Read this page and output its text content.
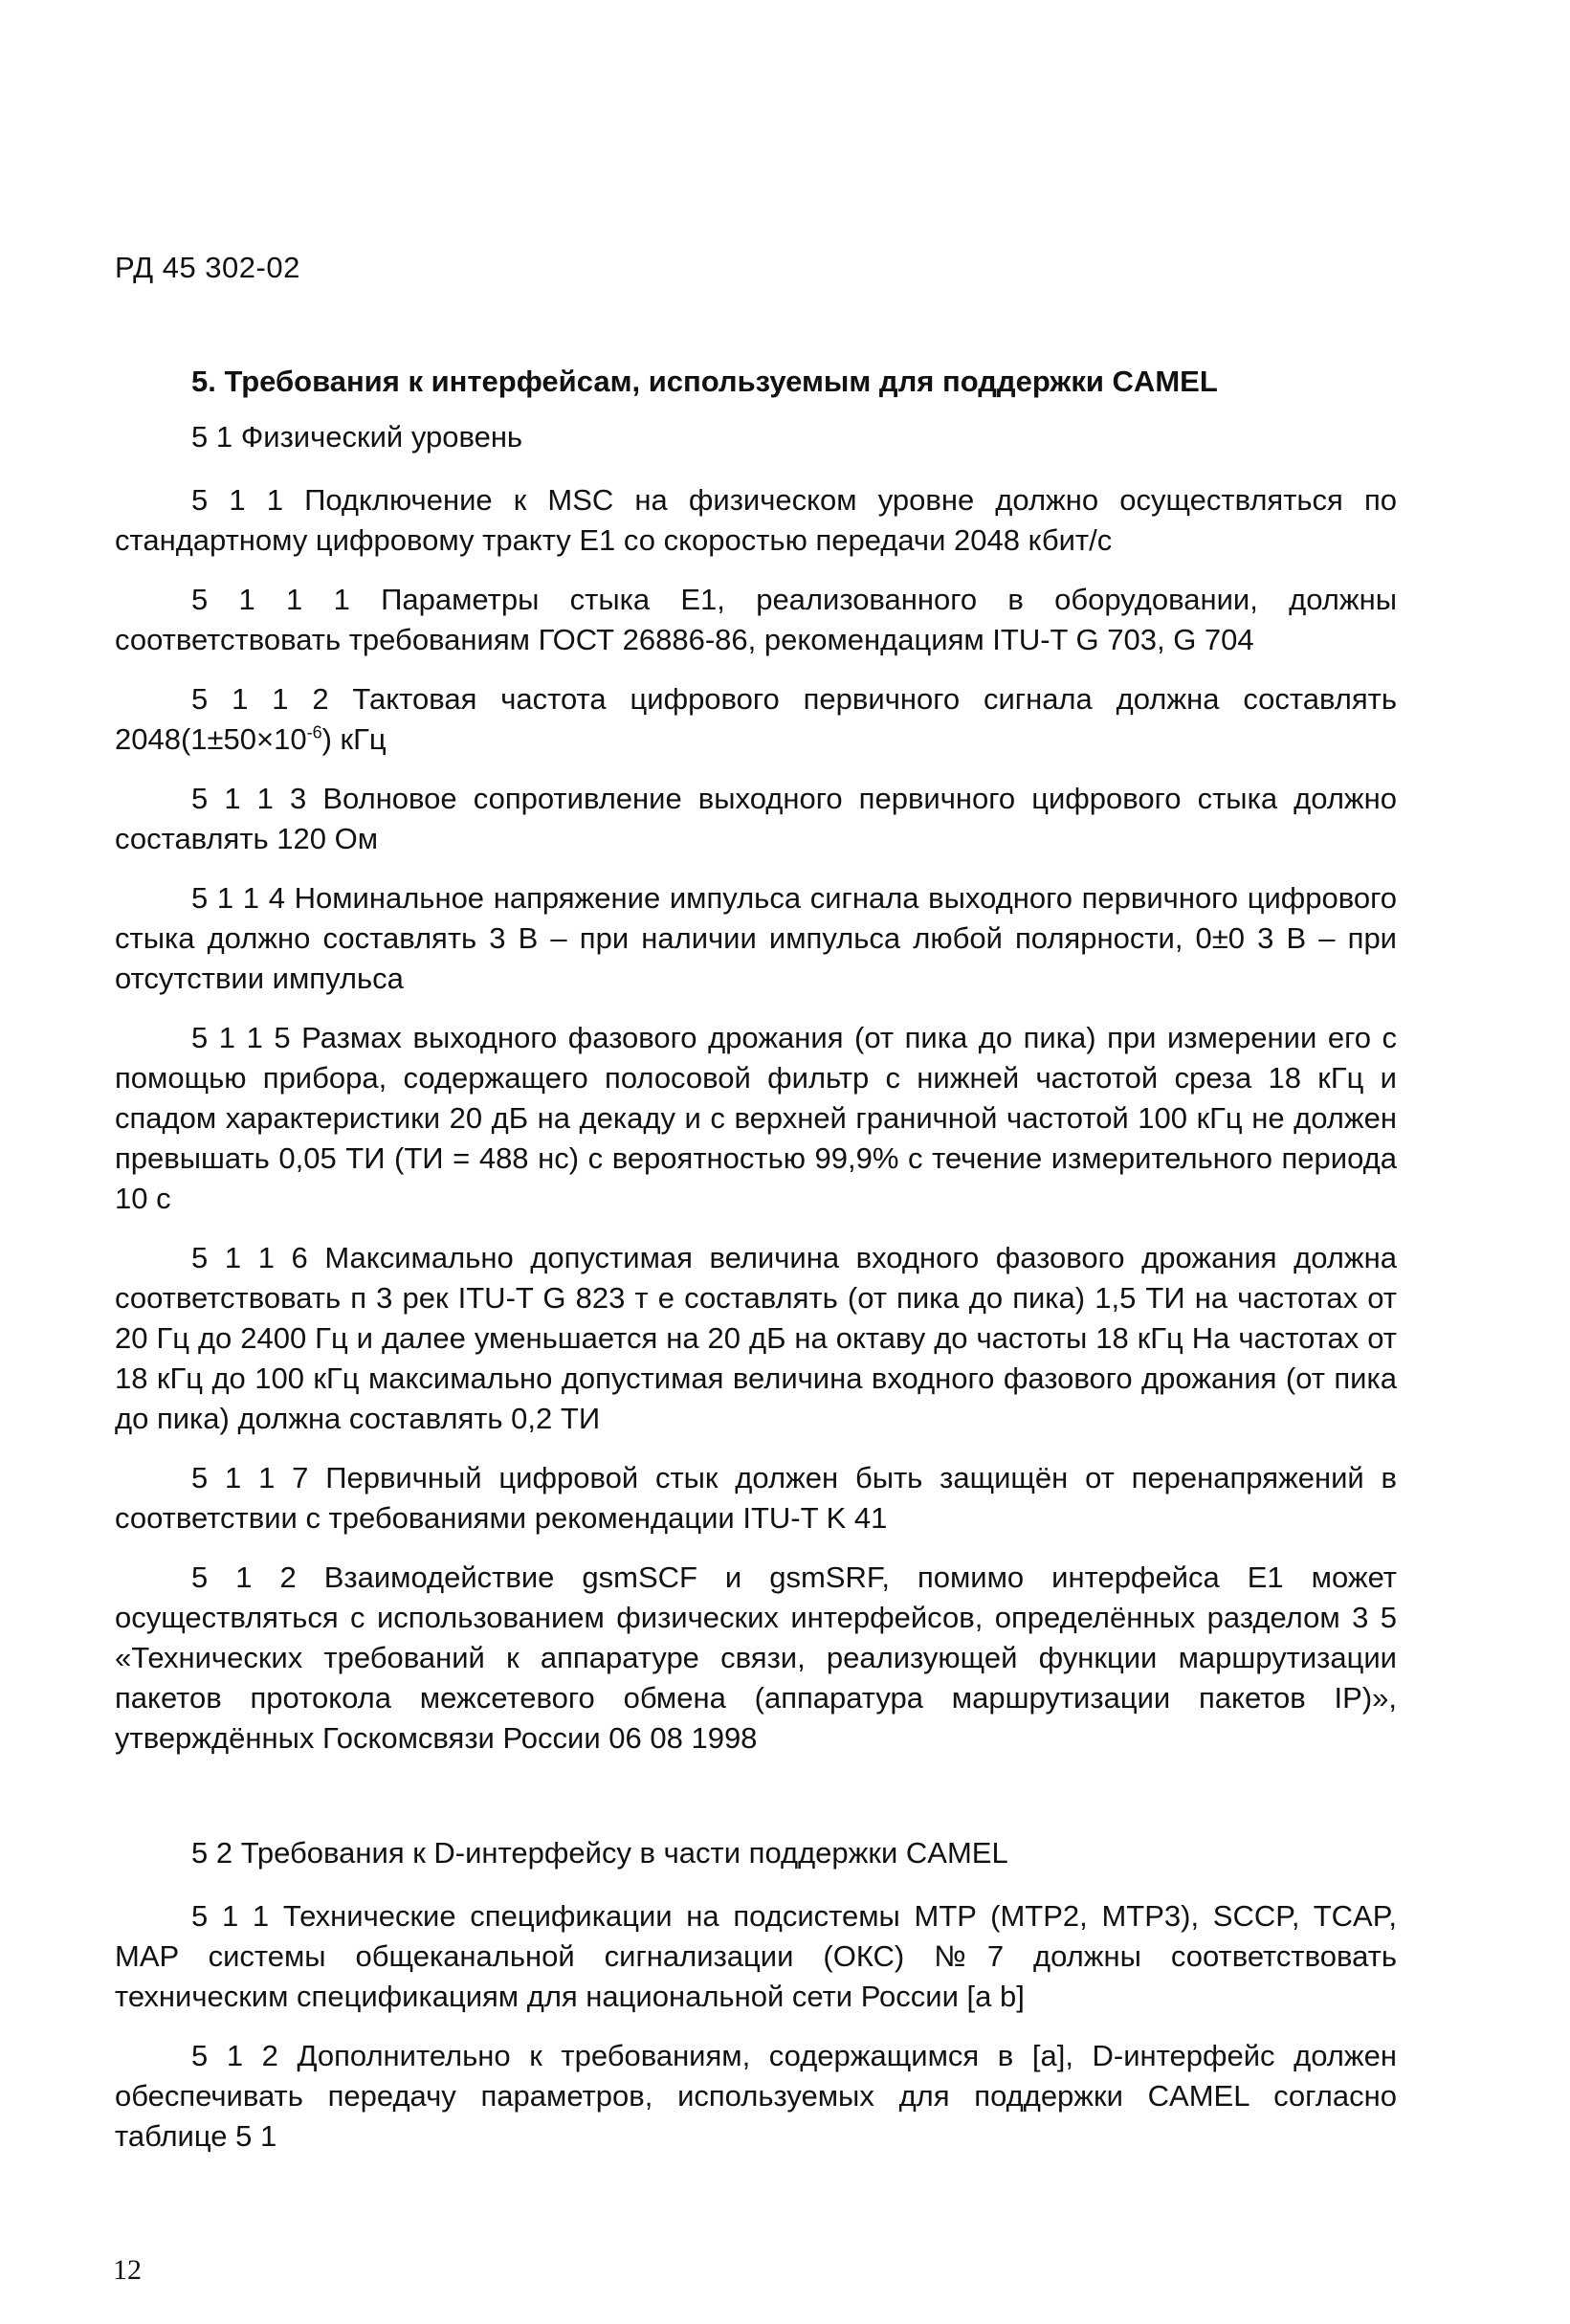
РД 45 302-02

5. Требования к интерфейсам, используемым для поддержки CAMEL

5 1 Физический уровень

5 1 1 Подключение к MSC на физическом уровне должно осуществляться по стандартному цифровому тракту E1 со скоростью передачи 2048 кбит/с

5 1 1 1 Параметры стыка E1, реализованного в оборудовании, должны соответствовать требованиям ГОСТ 26886-86, рекомендациям ITU-T G 703, G 704

5 1 1 2 Тактовая частота цифрового первичного сигнала должна составлять $2048(1\pm 50\times 10^{-6})$ кГц

5 1 1 3 Волновое сопротивление выходного первичного цифрового стыка должно составлять 120 Ом

5 1 1 4 Номинальное напряжение импульса сигнала выходного первичного цифрового стыка должно составлять 3 В – при наличии импульса любой полярности, 0±0 3 В – при отсутствии импульса

5 1 1 5 Размах выходного фазового дрожания (от пика до пика) при измерении его с помощью прибора, содержащего полосовой фильтр с нижней частотой среза 18 кГц и спадом характеристики 20 дБ на декаду и с верхней граничной частотой 100 кГц не должен превышать 0,05 ТИ (ТИ = 488 нс) с вероятностью 99,9% с течение измерительного периода 10 с

5 1 1 6 Максимально допустимая величина входного фазового дрожания должна соответствовать п 3 рек ITU-T G 823 т е составлять (от пика до пика) 1,5 ТИ на частотах от 20 Гц до 2400 Гц и далее уменьшается на 20 дБ на октаву до частоты 18 кГц На частотах от 18 кГц до 100 кГц максимально допустимая величина входного фазового дрожания (от пика до пика) должна составлять 0,2 ТИ

5 1 1 7 Первичный цифровой стык должен быть защищён от перенапряжений в соответствии с требованиями рекомендации ITU-T K 41

5 1 2 Взаимодействие gsmSCF и gsmSRF, помимо интерфейса E1 может осуществляться с использованием физических интерфейсов, определённых разделом 3 5 «Технических требований к аппаратуре связи, реализующей функции маршрутизации пакетов протокола межсетевого обмена (аппаратура маршрутизации пакетов IP)», утверждённых Госкомсвязи России 06 08 1998

5 2 Требования к D-интерфейсу в части поддержки CAMEL

5 1 1 Технические спецификации на подсистемы MTP (MTP2, MTP3), SCCP, TCAP, MAP системы общеканальной сигнализации (ОКС) №7 должны соответствовать техническим спецификациям для национальной сети России [a b]

5 1 2 Дополнительно к требованиям, содержащимся в [a], D-интерфейс должен обеспечивать передачу параметров, используемых для поддержки CAMEL согласно таблице 5 1

12
